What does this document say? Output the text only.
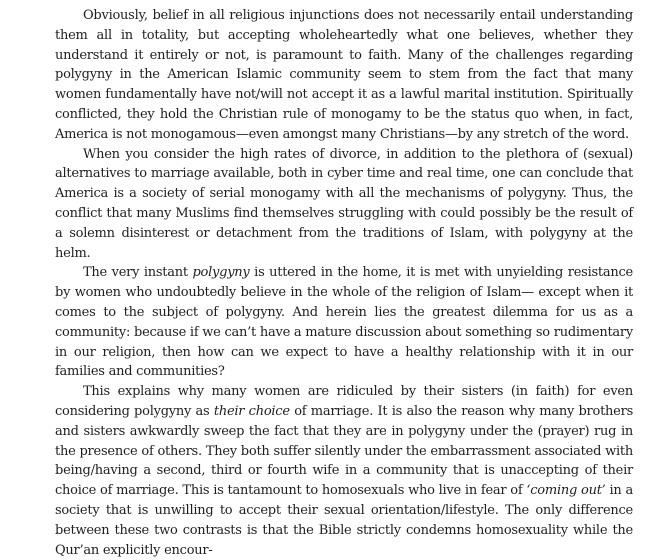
Obviously, belief in all religious injunctions does not necessarily entail understanding them all in totality, but accepting wholeheartedly what one believes, whether they understand it entirely or not, is paramount to faith. Many of the challenges regarding polygyny in the American Islamic community seem to stem from the fact that many women fundamentally have not/will not accept it as a lawful marital institution. Spiritually conflicted, they hold the Christian rule of monogamy to be the status quo when, in fact, America is not monogamous—even amongst many Christians—by any stretch of the word.

When you consider the high rates of divorce, in addition to the plethora of (sexual) alternatives to marriage available, both in cyber time and real time, one can conclude that America is a society of serial monogamy with all the mechanisms of polygyny. Thus, the conflict that many Muslims find themselves struggling with could possibly be the result of a solemn disinterest or detachment from the traditions of Islam, with polygyny at the helm.

The very instant polygyny is uttered in the home, it is met with unyielding resistance by women who undoubtedly believe in the whole of the religion of Islam— except when it comes to the subject of polygyny. And herein lies the greatest dilemma for us as a community: because if we can’t have a mature discussion about something so rudimentary in our religion, then how can we expect to have a healthy relationship with it in our families and communities?

This explains why many women are ridiculed by their sisters (in faith) for even considering polygyny as their choice of marriage. It is also the reason why many brothers and sisters awkwardly sweep the fact that they are in polygyny under the (prayer) rug in the presence of others. They both suffer silently under the embarrassment associated with being/having a second, third or fourth wife in a community that is unaccepting of their choice of marriage. This is tantamount to homosexuals who live in fear of ‘coming out’ in a society that is unwilling to accept their sexual orientation/lifestyle. The only difference between these two contrasts is that the Bible strictly condemns homosexuality while the Qur’an explicitly encour-
